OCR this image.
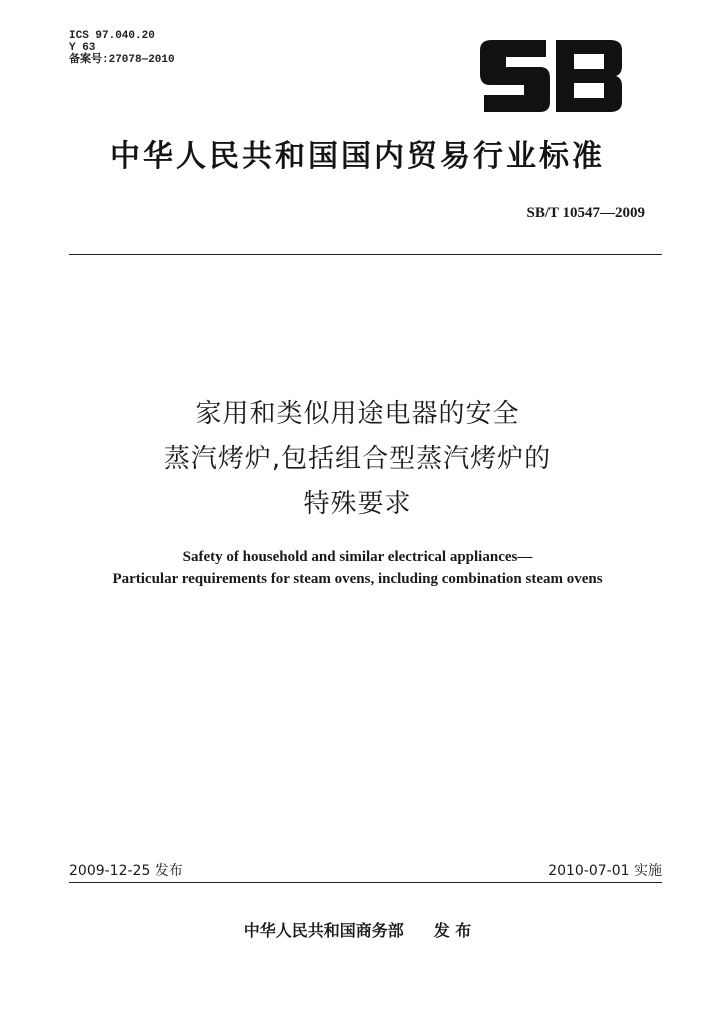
ICS 97.040.20
Y 63
备案号:27078—2010
中华人民共和国国内贸易行业标准
SB/T 10547—2009
家用和类似用途电器的安全
蒸汽烤炉,包括组合型蒸汽烤炉的
特殊要求
Safety of household and similar electrical appliances—
Particular requirements for steam ovens, including combination steam ovens
2009-12-25 发布	2010-07-01 实施
中华人民共和国商务部 发 布
